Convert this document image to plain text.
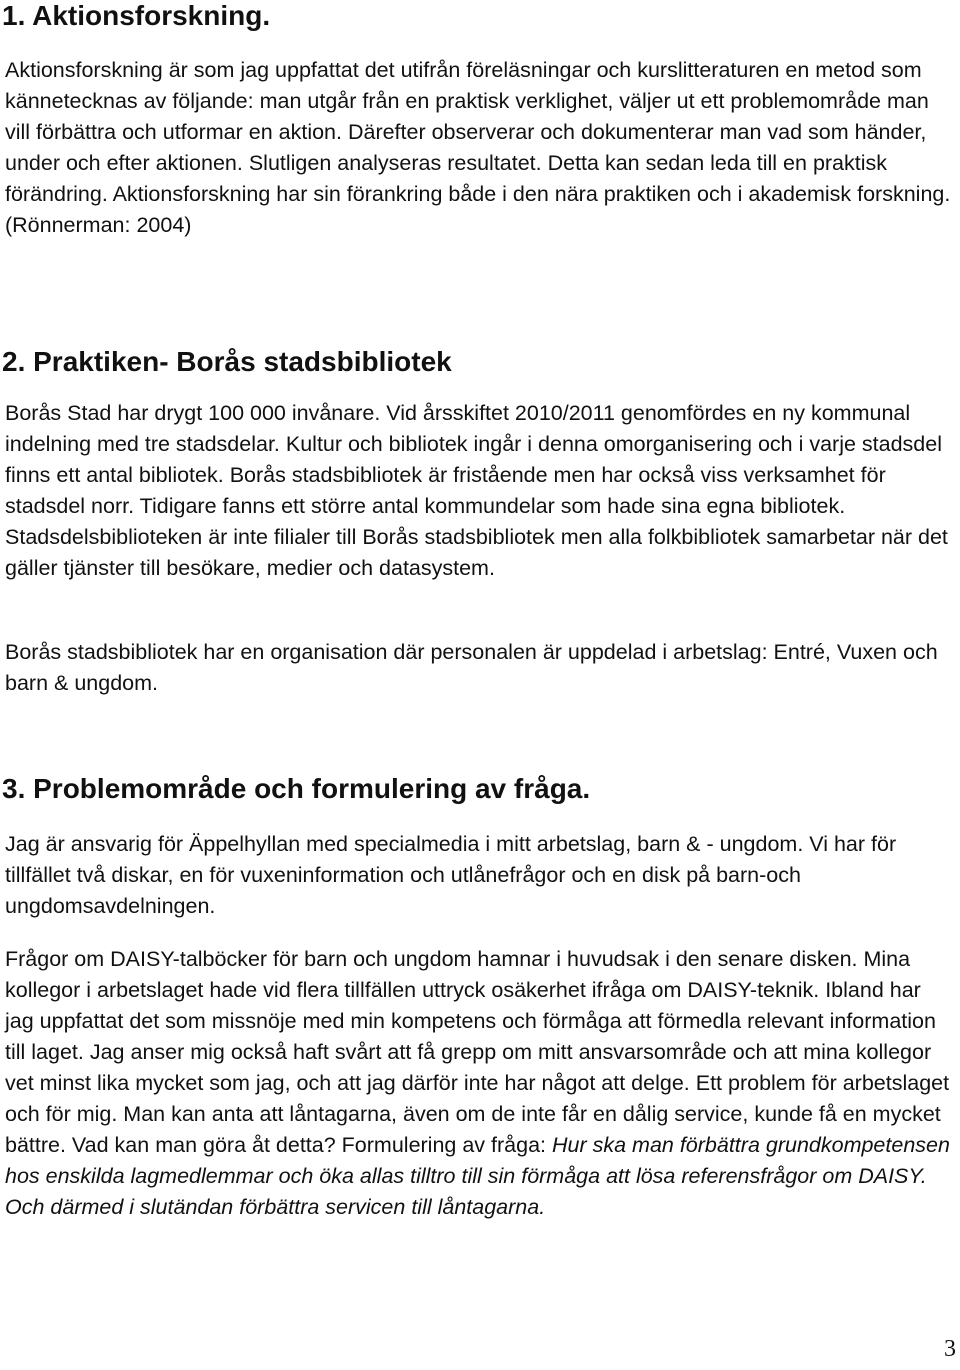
1. Aktionsforskning.

Aktionsforskning är som jag uppfattat det utifrån föreläsningar och kurslitteraturen en metod som kännetecknas av följande: man utgår från en praktisk verklighet, väljer ut ett problemområde man vill förbättra och utformar en aktion. Därefter observerar och dokumenterar man vad som händer, under och efter aktionen. Slutligen analyseras resultatet. Detta kan sedan leda till en praktisk förändring. Aktionsforskning har sin förankring både i den nära praktiken och i akademisk forskning. (Rönnerman: 2004)

2. Praktiken- Borås stadsbibliotek

Borås Stad har drygt 100 000 invånare. Vid årsskiftet 2010/2011 genomfördes en ny kommunal indelning med tre stadsdelar. Kultur och bibliotek ingår i denna omorganisering och i varje stadsdel finns ett antal bibliotek. Borås stadsbibliotek är fristående men har också viss verksamhet för stadsdel norr. Tidigare fanns ett större antal kommundelar som hade sina egna bibliotek. Stadsdelsbiblioteken är inte filialer till Borås stadsbibliotek men alla folkbibliotek samarbetar när det gäller tjänster till besökare, medier och datasystem.

Borås stadsbibliotek har en organisation där personalen är uppdelad i arbetslag: Entré, Vuxen och barn & ungdom.

3. Problemområde och formulering av fråga.

Jag är ansvarig för Äppelhyllan med specialmedia i mitt arbetslag, barn & - ungdom. Vi har för tillfället två diskar, en för vuxeninformation och utlånefrågor och en disk på barn-och ungdomsavdelningen.

Frågor om DAISY-talböcker för barn och ungdom hamnar i huvudsak i den senare disken. Mina kollegor i arbetslaget hade vid flera tillfällen uttryck osäkerhet ifråga om DAISY-teknik. Ibland har jag uppfattat det som missnöje med min kompetens och förmåga att förmedla relevant information till laget. Jag anser mig också haft svårt att få grepp om mitt ansvarsområde och att mina kollegor vet minst lika mycket som jag, och att jag därför inte har något att delge. Ett problem för arbetslaget och för mig. Man kan anta att låntagarna, även om de inte får en dålig service, kunde få en mycket bättre. Vad kan man göra åt detta? Formulering av fråga: Hur ska man förbättra grundkompetensen hos enskilda lagmedlemmar och öka allas tilltro till sin förmåga att lösa referensfrågor om DAISY. Och därmed i slutändan förbättra servicen till låntagarna.

3
